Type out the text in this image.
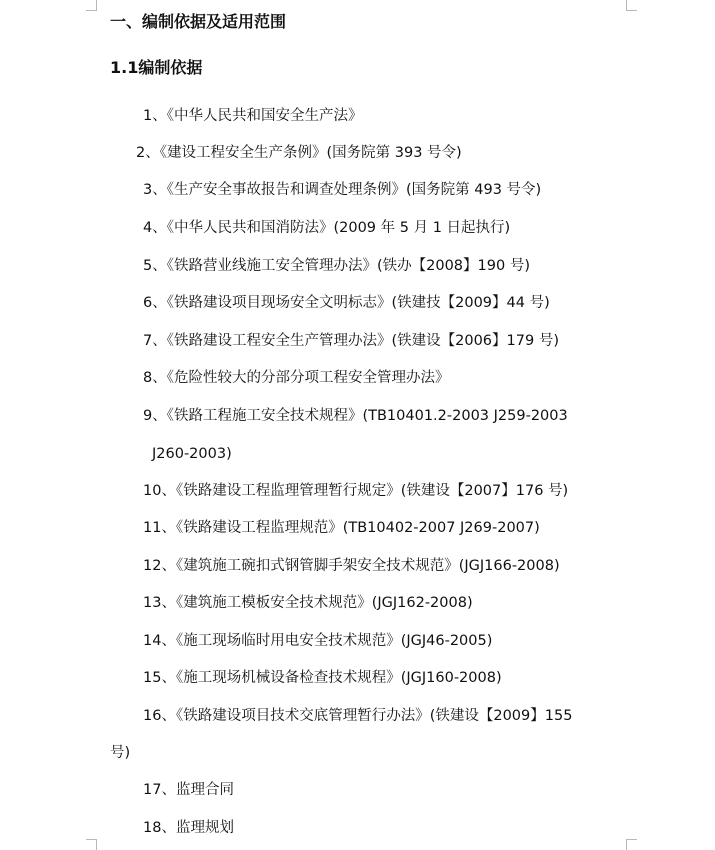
一、编制依据及适用范围
1.1编制依据

1、《中华人民共和国安全生产法》

2、《建设工程安全生产条例》(国务院第 393 号令)

3、《生产安全事故报告和调查处理条例》(国务院第 493 号令)

4、《中华人民共和国消防法》(2009 年 5 月 1 日起执行)

5、《铁路营业线施工安全管理办法》(铁办【2008】190 号)

6、《铁路建设项目现场安全文明标志》(铁建技【2009】44 号)

7、《铁路建设工程安全生产管理办法》(铁建设【2006】179 号)

8、《危险性较大的分部分项工程安全管理办法》

9、《铁路工程施工安全技术规程》(TB10401.2-2003 J259-2003

J260-2003)

10、《铁路建设工程监理管理暂行规定》(铁建设【2007】176 号)

11、《铁路建设工程监理规范》(TB10402-2007 J269-2007)

12、《建筑施工碗扣式钢管脚手架安全技术规范》(JGJ166-2008)

13、《建筑施工模板安全技术规范》(JGJ162-2008)

14、《施工现场临时用电安全技术规范》(JGJ46-2005)

15、《施工现场机械设备检查技术规程》(JGJ160-2008)

16、《铁路建设项目技术交底管理暂行办法》(铁建设【2009】155

号)

17、监理合同

18、监理规划
